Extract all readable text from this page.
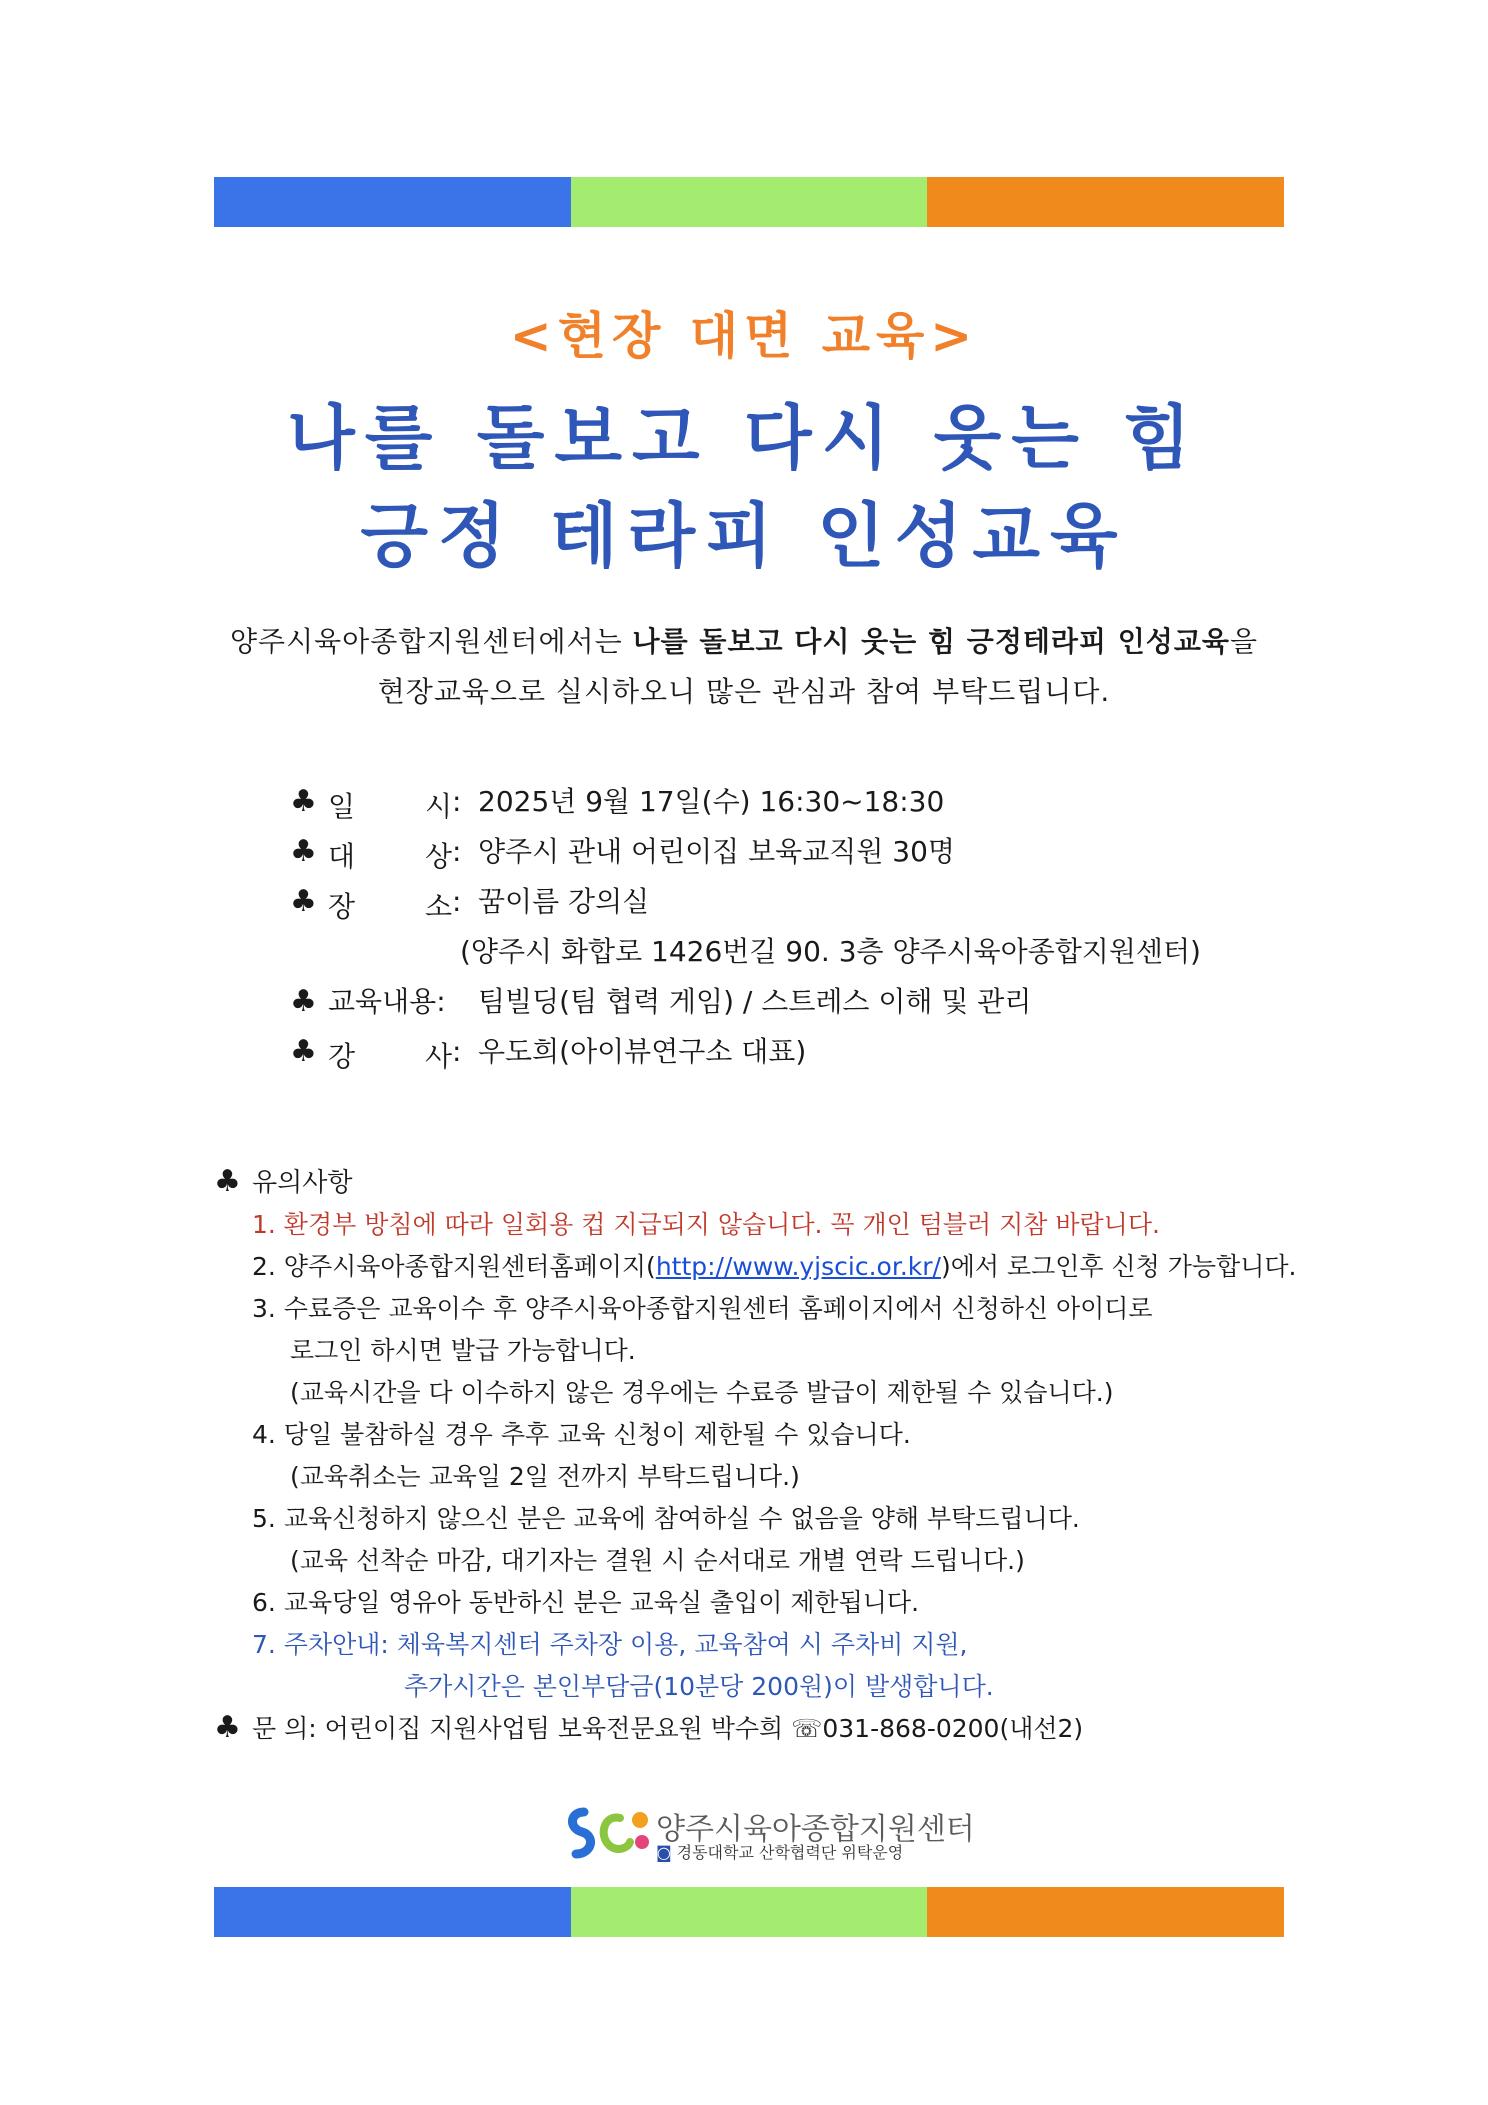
<현장 대면 교육>
나를 돌보고 다시 웃는 힘
긍정 테라피 인성교육
양주시육아종합지원센터에서는 나를 돌보고 다시 웃는 힘 긍정테라피 인성교육을
현장교육으로 실시하오니 많은 관심과 참여 부탁드립니다.
♣ 일 시 :2025년 9월 17일(수) 16:30~18:30
♣ 대 상 :양주시 관내 어린이집 보육교직원 30명
♣ 장 소 :꿈이름 강의실
(양주시 화합로 1426번길 90. 3층 양주시육아종합지원센터)
♣ 교육내용:팀빌딩(팀 협력 게임) / 스트레스 이해 및 관리
♣ 강 사 :우도희(아이뷰연구소 대표)
♣ 유의사항
1. 환경부 방침에 따라 일회용 컵 지급되지 않습니다. 꼭 개인 텀블러 지참 바랍니다.
2. 양주시육아종합지원센터홈페이지(http://www.yjscic.or.kr/)에서 로그인후 신청 가능합니다.
3. 수료증은 교육이수 후 양주시육아종합지원센터 홈페이지에서 신청하신 아이디로
로그인 하시면 발급 가능합니다.
(교육시간을 다 이수하지 않은 경우에는 수료증 발급이 제한될 수 있습니다.)
4. 당일 불참하실 경우 추후 교육 신청이 제한될 수 있습니다.
(교육취소는 교육일 2일 전까지 부탁드립니다.)
5. 교육신청하지 않으신 분은 교육에 참여하실 수 없음을 양해 부탁드립니다.
(교육 선착순 마감, 대기자는 결원 시 순서대로 개별 연락 드립니다.)
6. 교육당일 영유아 동반하신 분은 교육실 출입이 제한됩니다.
7. 주차안내: 체육복지센터 주차장 이용, 교육참여 시 주차비 지원,
추가시간은 본인부담금(10분당 200원)이 발생합니다.
♣ 문 의: 어린이집 지원사업팀 보육전문요원 박수희 ☏031-868-0200(내선2)
양주시육아종합지원센터
◙ 경동대학교 산학협력단 위탁운영
